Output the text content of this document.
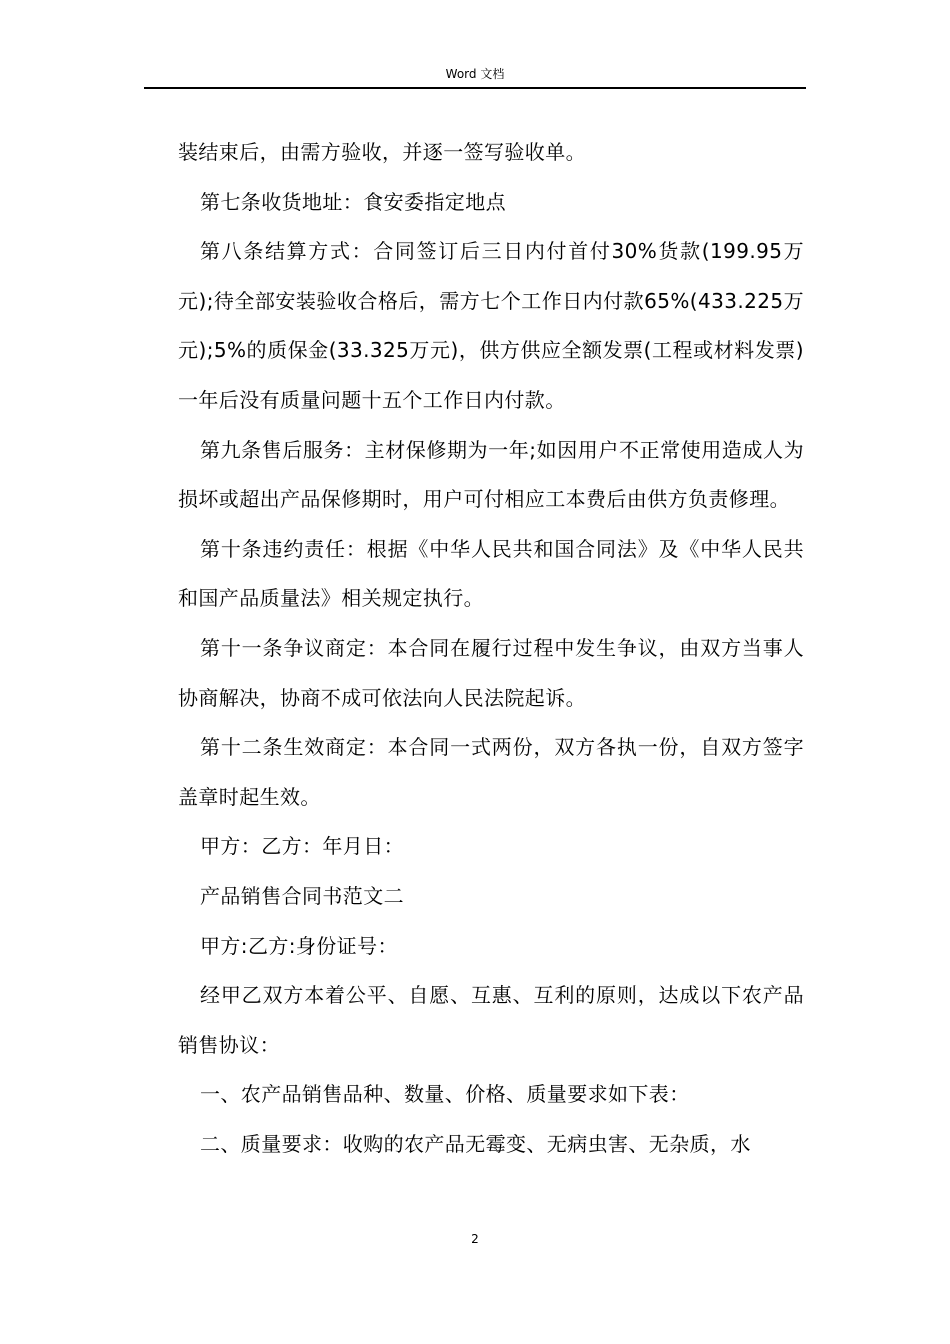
Word 文档

装结束后，由需方验收，并逐一签写验收单。

第七条收货地址：食安委指定地点

第八条结算方式：合同签订后三日内付首付30%货款(199.95万元);待全部安装验收合格后，需方七个工作日内付款65%(433.225万元);5%的质保金(33.325万元)，供方供应全额发票(工程或材料发票)一年后没有质量问题十五个工作日内付款。

第九条售后服务：主材保修期为一年;如因用户不正常使用造成人为损坏或超出产品保修期时，用户可付相应工本费后由供方负责修理。

第十条违约责任：根据《中华人民共和国合同法》及《中华人民共和国产品质量法》相关规定执行。

第十一条争议商定：本合同在履行过程中发生争议，由双方当事人协商解决，协商不成可依法向人民法院起诉。

第十二条生效商定：本合同一式两份，双方各执一份，自双方签字盖章时起生效。

甲方：乙方：年月日：

产品销售合同书范文二

甲方:乙方:身份证号：

经甲乙双方本着公平、自愿、互惠、互利的原则，达成以下农产品销售协议：

一、农产品销售品种、数量、价格、质量要求如下表：

二、质量要求：收购的农产品无霉变、无病虫害、无杂质，水

2
